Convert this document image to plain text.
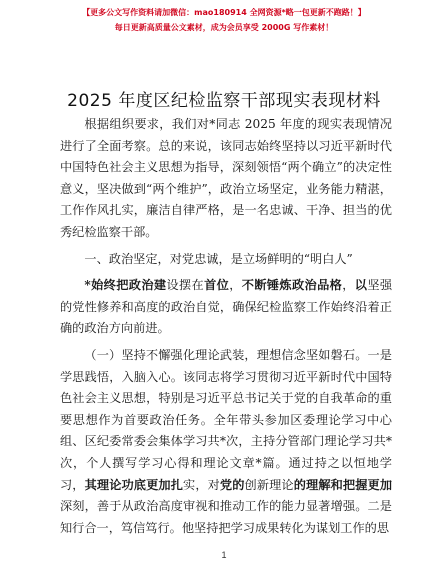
【更多公文写作资料请加微信：mao180914 全网资源*略一包更新不跑路！】
每日更新高质量公文素材，成为会员享受 2000G 写作素材！
2025 年度区纪检监察干部现实表现材料

根据组织要求，我们对*同志 2025 年度的现实表现情况进行了全面考察。总的来说，该同志始终坚持以习近平新时代中国特色社会主义思想为指导，深刻领悟“两个确立”的决定性意义，坚决做到“两个维护”，政治立场坚定，业务能力精湛，工作作风扎实，廉洁自律严格，是一名忠诚、干净、担当的优秀纪检监察干部。

一、政治坚定，对党忠诚，是立场鲜明的“明白人”

*始终把政治建设摆在首位，不断锤炼政治品格，以坚强的党性修养和高度的政治自觉，确保纪检监察工作始终沿着正确的政治方向前进。

（一）坚持不懈强化理论武装，理想信念坚如磐石。一是学思践悟，入脑入心。该同志将学习贯彻习近平新时代中国特色社会主义思想，特别是习近平总书记关于党的自我革命的重要思想作为首要政治任务。全年带头参加区委理论学习中心组、区纪委常委会集体学习共*次，主持分管部门理论学习共*次，个人撰写学习心得和理论文章*篇。通过持之以恒地学习，其理论功底更加扎实，对党的创新理论的理解和把握更加深刻，善于从政治高度审视和推动工作的能力显著增强。二是知行合一，笃信笃行。他坚持把学习成果转化为谋划工作的思

1
